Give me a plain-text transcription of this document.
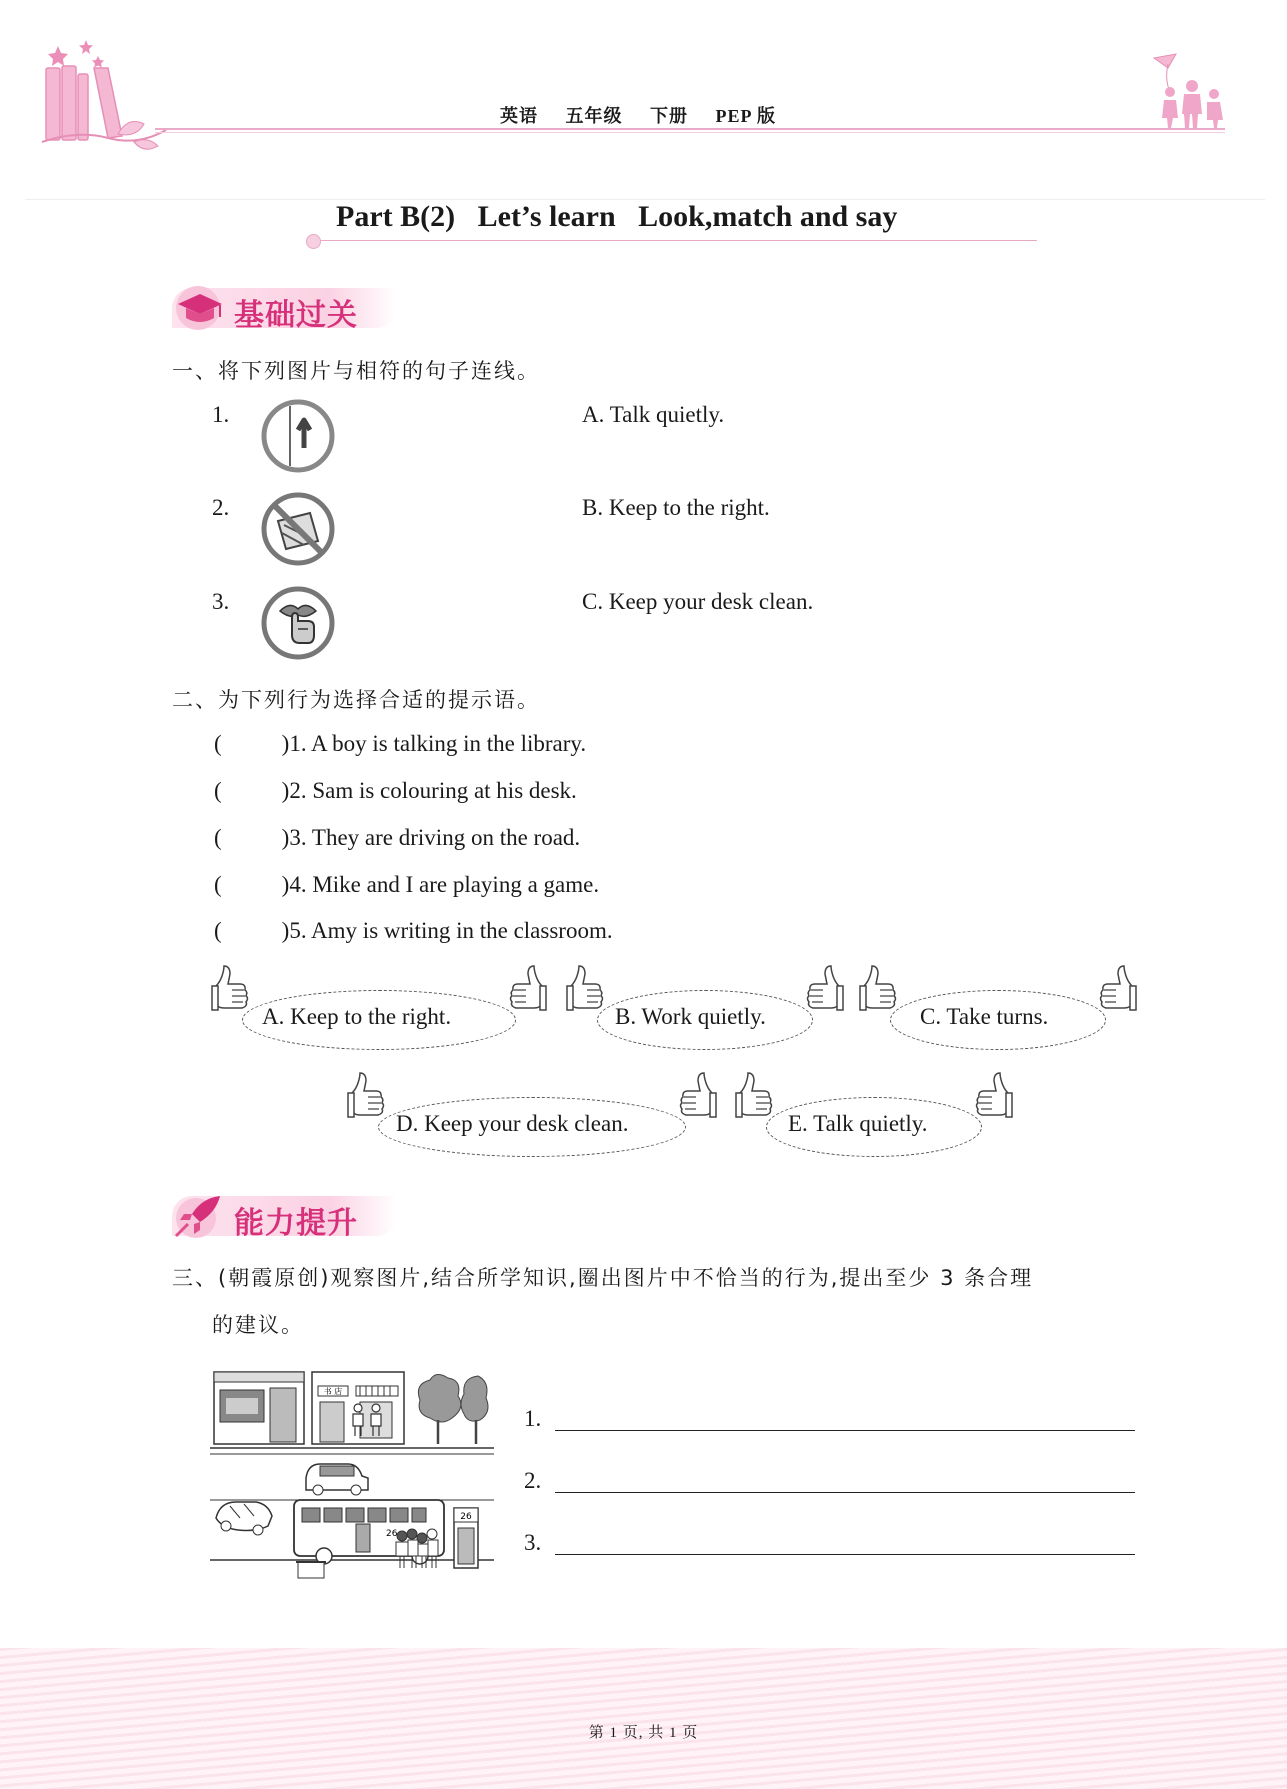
英语 五年级 下册 PEP 版
Part B(2)   Let’s learn   Look,match and say
基础过关
一、将下列图片与相符的句子连线。
1.
2.
3.
A. Talk quietly.
B. Keep to the right.
C. Keep your desk clean.
二、为下列行为选择合适的提示语。
(	)1. A boy is talking in the library.
(	)2. Sam is colouring at his desk.
(	)3. They are driving on the road.
(	)4. Mike and I are playing a game.
(	)5. Amy is writing in the classroom.
A. Keep to the right.	B. Work quietly.	C. Take turns.
D. Keep your desk clean.	E. Talk quietly.
能力提升
三、(朝霞原创)观察图片,结合所学知识,圈出图片中不恰当的行为,提出至少 3 条合理
的建议。
书 店
26
26
1.
2.
3.
第 1 页, 共 1 页
